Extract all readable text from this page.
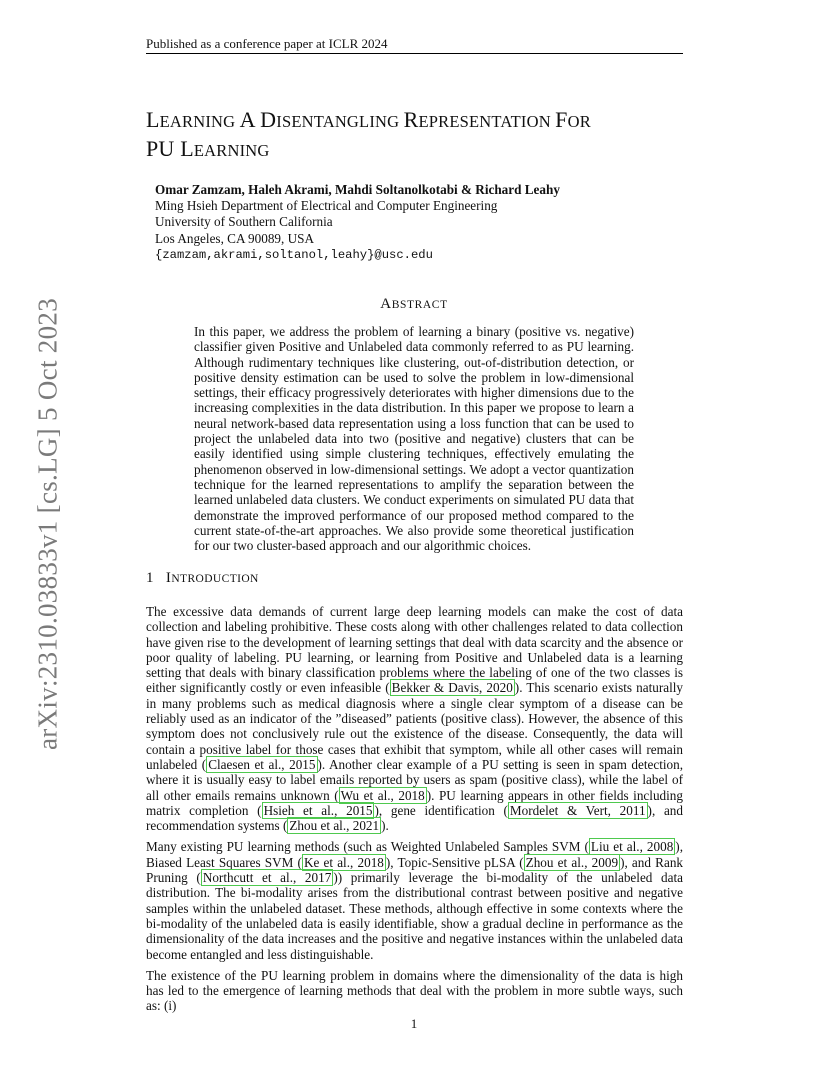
Published as a conference paper at ICLR 2024
LEARNING A DISENTANGLING REPRESENTATION FOR
PU LEARNING
Omar Zamzam, Haleh Akrami, Mahdi Soltanolkotabi & Richard Leahy
Ming Hsieh Department of Electrical and Computer Engineering
University of Southern California
Los Angeles, CA 90089, USA
{zamzam,akrami,soltanol,leahy}@usc.edu
ABSTRACT
In this paper, we address the problem of learning a binary (positive vs. negative) classifier given Positive and Unlabeled data commonly referred to as PU learning. Although rudimentary techniques like clustering, out-of-distribution detection, or positive density estimation can be used to solve the problem in low-dimensional settings, their efficacy progressively deteriorates with higher dimensions due to the increasing complexities in the data distribution. In this paper we propose to learn a neural network-based data representation using a loss function that can be used to project the unlabeled data into two (positive and negative) clusters that can be easily identified using simple clustering techniques, effectively emulating the phenomenon observed in low-dimensional settings. We adopt a vector quantization technique for the learned representations to amplify the separation between the learned unlabeled data clusters. We conduct experiments on simulated PU data that demonstrate the improved performance of our proposed method compared to the current state-of-the-art approaches. We also provide some theoretical justification for our two cluster-based approach and our algorithmic choices.
1 INTRODUCTION

The excessive data demands of current large deep learning models can make the cost of data collection and labeling prohibitive. These costs along with other challenges related to data collection have given rise to the development of learning settings that deal with data scarcity and the absence or poor quality of labeling. PU learning, or learning from Positive and Unlabeled data is a learning setting that deals with binary classification problems where the labeling of one of the two classes is either significantly costly or even infeasible ( Bekker & Davis, 2020 ). This scenario exists naturally in many problems such as medical diagnosis where a single clear symptom of a disease can be reliably used as an indicator of the ”diseased” patients (positive class). However, the absence of this symptom does not conclusively rule out the existence of the disease. Consequently, the data will contain a positive label for those cases that exhibit that symptom, while all other cases will remain unlabeled ( Claesen et al., 2015 ). Another clear example of a PU setting is seen in spam detection, where it is usually easy to label emails reported by users as spam (positive class), while the label of all other emails remains unknown ( Wu et al., 2018 ). PU learning appears in other fields including matrix completion ( Hsieh et al., 2015 ), gene identification ( Mordelet & Vert, 2011 ), and recommendation systems ( Zhou et al., 2021 ).

Many existing PU learning methods (such as Weighted Unlabeled Samples SVM ( Liu et al., 2008 ), Biased Least Squares SVM ( Ke et al., 2018 ), Topic-Sensitive pLSA ( Zhou et al., 2009 ), and Rank Pruning ( Northcutt et al., 2017 )) primarily leverage the bi-modality of the unlabeled data distribution. The bi-modality arises from the distributional contrast between positive and negative samples within the unlabeled dataset. These methods, although effective in some contexts where the bi-modality of the unlabeled data is easily identifiable, show a gradual decline in performance as the dimensionality of the data increases and the positive and negative instances within the unlabeled data become entangled and less distinguishable.

The existence of the PU learning problem in domains where the dimensionality of the data is high has led to the emergence of learning methods that deal with the problem in more subtle ways, such as: (i)

arXiv:2310.03833v1 [cs.LG] 5 Oct 2023
1
